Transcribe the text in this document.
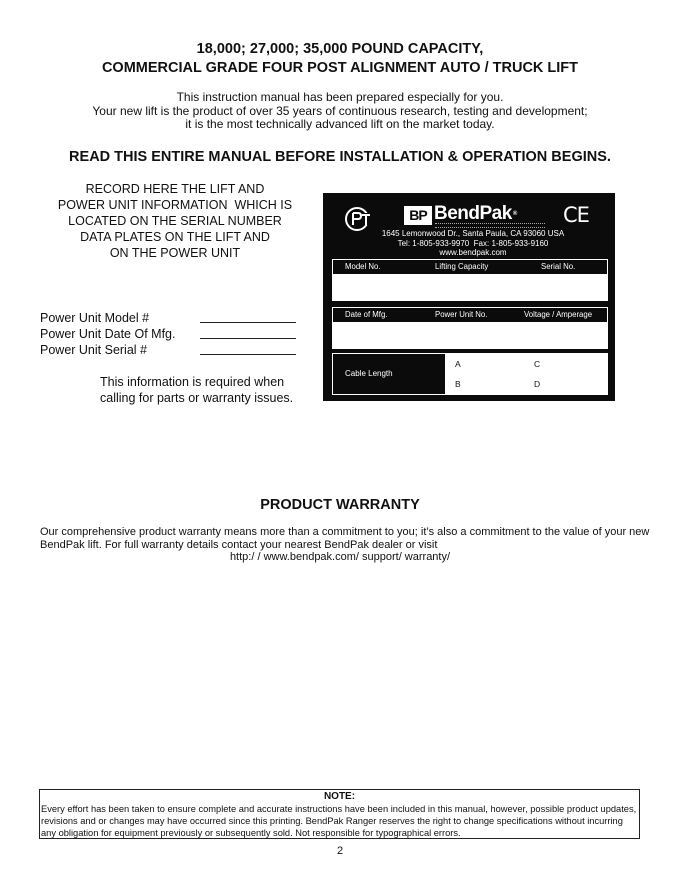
18,000; 27,000; 35,000 POUND CAPACITY,
COMMERCIAL GRADE FOUR POST ALIGNMENT AUTO / TRUCK LIFT
This instruction manual has been prepared especially for you.
Your new lift is the product of over 35 years of continuous research, testing and development;
it is the most technically advanced lift on the market today.
READ THIS ENTIRE MANUAL BEFORE INSTALLATION & OPERATION BEGINS.
RECORD HERE THE LIFT AND
POWER UNIT INFORMATION  WHICH IS
LOCATED ON THE SERIAL NUMBER
DATA PLATES ON THE LIFT AND
ON THE POWER UNIT
Power Unit Model #
Power Unit Date Of Mfg.
Power Unit Serial #
This information is required when
calling for parts or warranty issues.
BP BendPak® CE
1645 Lemonwood Dr., Santa Paula, CA 93060 USA
Tel: 1-805-933-9970  Fax: 1-805-933-9160
www.bendpak.com
Model No.	Lifting Capacity	Serial No.
Date of Mfg.	Power Unit No.	Voltage / Amperage
Cable Length
A	C
B	D
PRODUCT WARRANTY
Our comprehensive product warranty means more than a commitment to you; it’s also a commitment to the value of your new BendPak lift. For full warranty details contact your nearest BendPak dealer or visit
http:/ / www.bendpak.com/ support/ warranty/
NOTE:
Every effort has been taken to ensure complete and accurate instructions have been included in this manual, however, possible product updates, revisions and or changes may have occurred since this printing. BendPak Ranger reserves the right to change specifications without incurring any obligation for equipment previously or subsequently sold. Not responsible for typographical errors.
2
